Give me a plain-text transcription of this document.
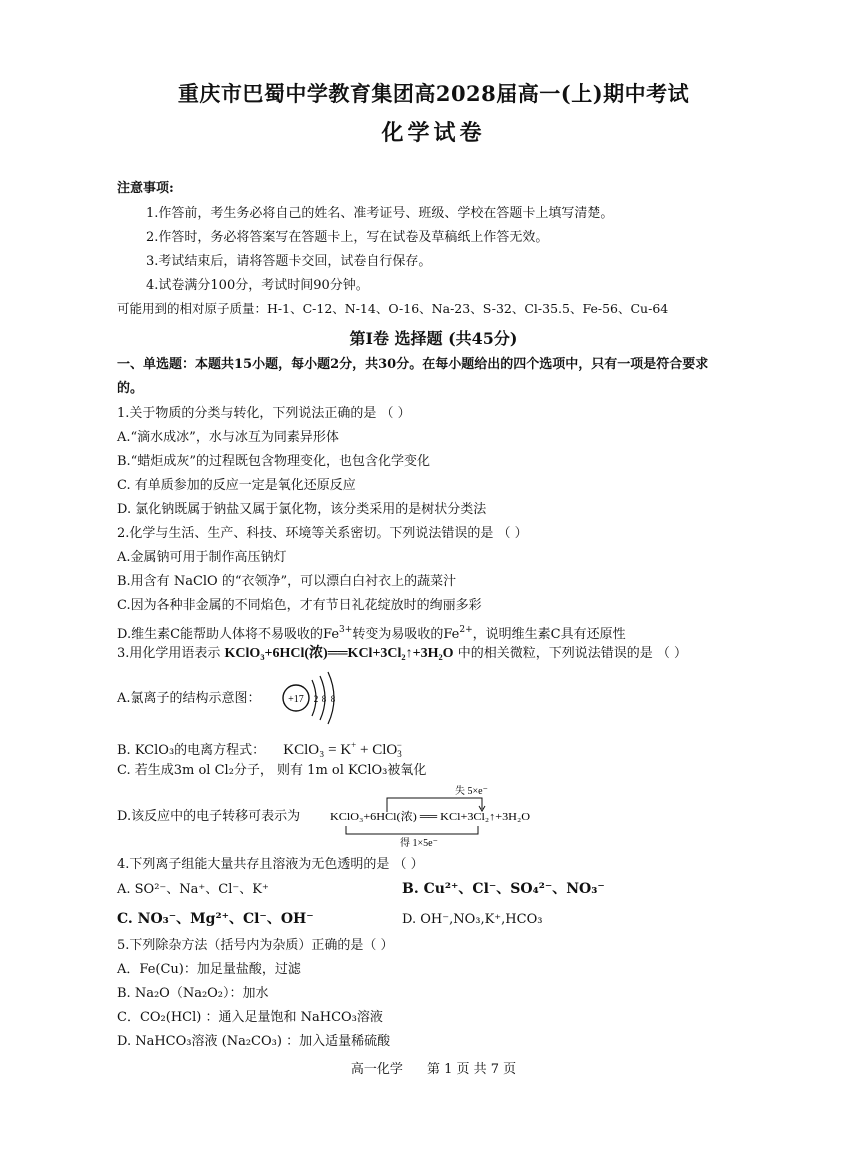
重庆市巴蜀中学教育集团高2028届高一(上)期中考试
化学试卷
注意事项:
1.作答前，考生务必将自己的姓名、准考证号、班级、学校在答题卡上填写清楚。
2.作答时，务必将答案写在答题卡上，写在试卷及草稿纸上作答无效。
3.考试结束后，请将答题卡交回，试卷自行保存。
4.试卷满分100分，考试时间90分钟。
可能用到的相对原子质量：H-1、C-12、N-14、O-16、Na-23、S-32、Cl-35.5、Fe-56、Cu-64
第Ⅰ卷 选择题 (共45分)
一、单选题：本题共15小题，每小题2分，共30分。在每小题给出的四个选项中，只有一项是符合要求
的。
1.关于物质的分类与转化，下列说法正确的是 （ ）
A.“滴水成冰”，水与冰互为同素异形体
B.“蜡炬成灰”的过程既包含物理变化，也包含化学变化
C. 有单质参加的反应一定是氧化还原反应
D. 氯化钠既属于钠盐又属于氯化物，该分类采用的是树状分类法
2.化学与生活、生产、科技、环境等关系密切。下列说法错误的是 （ ）
A.金属钠可用于制作高压钠灯
B.用含有 NaClO 的“衣领净”，可以漂白白衬衣上的蔬菜汁
C.因为各种非金属的不同焰色，才有节日礼花绽放时的绚丽多彩
D.维生素C能帮助人体将不易吸收的$Fe^{3+}$转变为易吸收的$Fe^{2+}$，说明维生素C具有还原性
3.用化学用语表示 KClO₃+6HCl(浓)══KCl+3Cl₂↑+3H₂O 中的相关微粒，下列说法错误的是 （ ）
A.氯离子的结构示意图：	+17 2 8 8
B. KClO₃的电离方程式： KClO₃ = K+ + ClO$_3$−
C. 若生成3m ol Cl₂分子， 则有 1m ol KClO₃被氧化
D.该反应中的电子转移可表示为
失 5×e⁻
KClO₃+6HCl(浓) ══ KCl+3Cl₂↑+3H₂O
得 1×5e⁻
4.下列离子组能大量共存且溶液为无色透明的是 （ ）
A. SO²⁻、Na⁺、Cl⁻、K⁺	B. Cu²⁺、Cl⁻、SO₄²⁻、NO₃⁻
C. NO₃⁻、Mg²⁺、Cl⁻、OH⁻	D. OH⁻,NO₃,K⁺,HCO₃
5.下列除杂方法（括号内为杂质）正确的是（ ）
A．Fe(Cu)：加足量盐酸，过滤
B. Na₂O（Na₂O₂）：加水
C．CO₂(HCl) ：通入足量饱和 NaHCO₃溶液
D. NaHCO₃溶液 (Na₂CO₃) ：加入适量稀硫酸
高一化学 第 1 页 共 7 页
